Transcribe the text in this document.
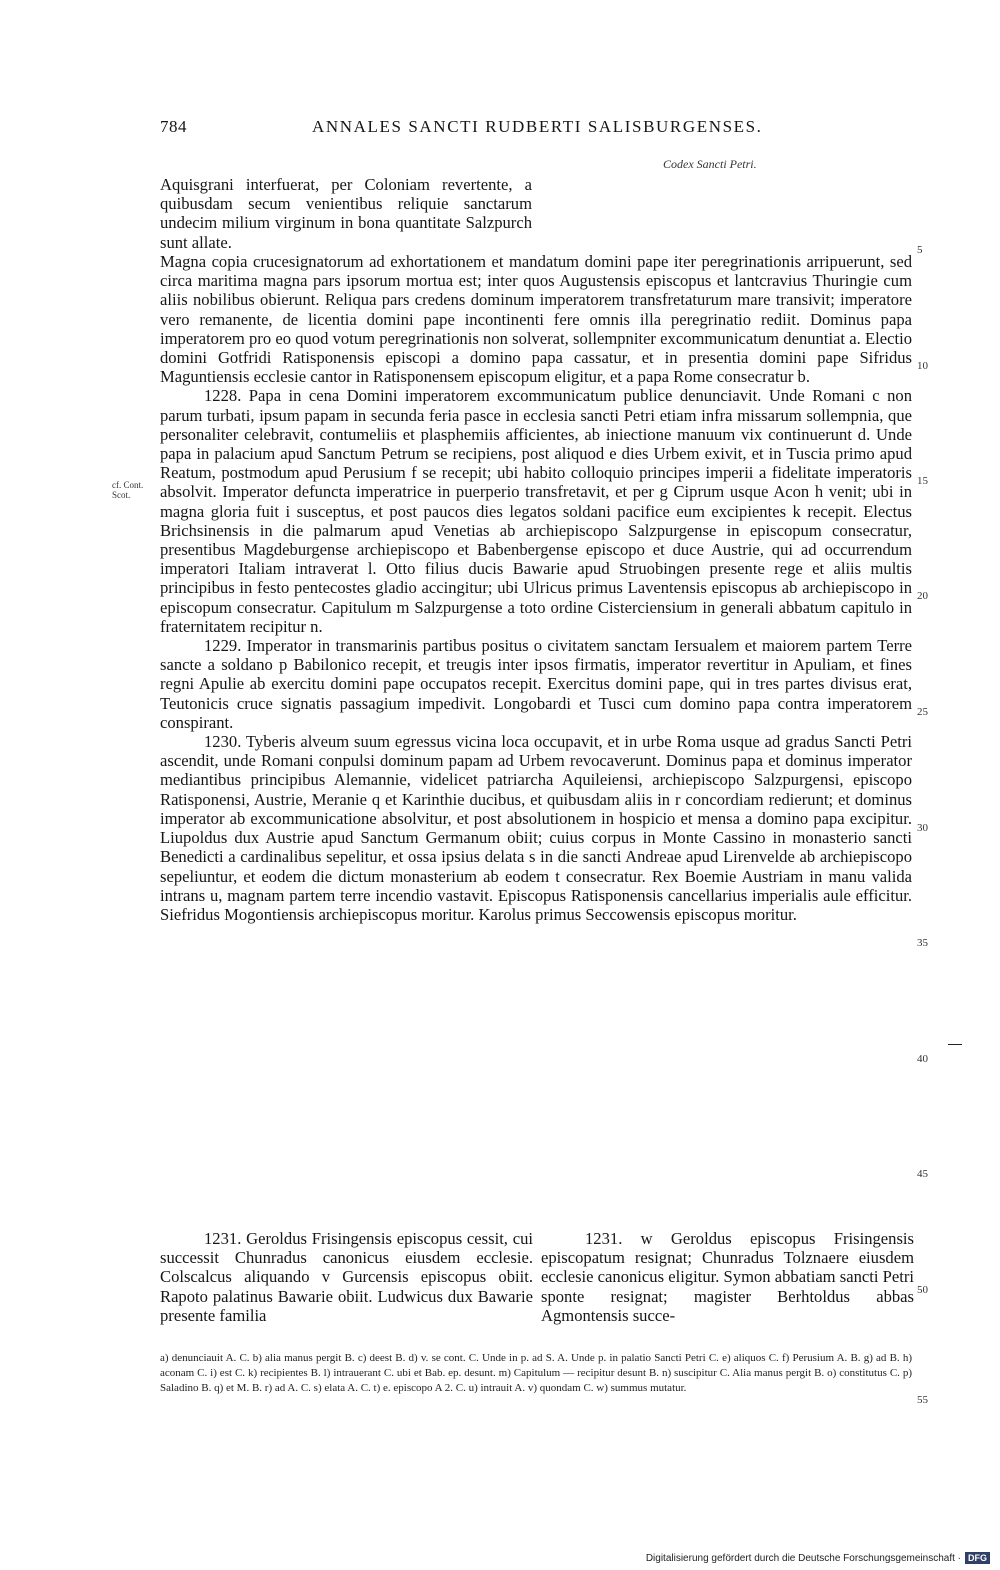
784	ANNALES SANCTI RUDBERTI SALISBURGENSES.
Codex Sancti Petri.
Aquisgrani interfuerat, per Coloniam revertente, a quibusdam secum venientibus reliquie sanctarum undecim milium virginum in bona quantitate Salzpurch sunt allate.

Magna copia crucesignatorum ad exhortationem et mandatum domini pape iter peregrinationis arripuerunt, sed circa maritima magna pars ipsorum mortua est; inter quos Augustensis episcopus et lantcravius Thuringie cum aliis nobilibus obierunt. Reliqua pars credens dominum imperatorem transfretaturum mare transivit; imperatore vero remanente, de licentia domini pape incontinenti fere omnis illa peregrinatio rediit. Dominus papa imperatorem pro eo quod votum peregrinationis non solverat, sollempniter excommunicatum denuntiat a. Electio domini Gotfridi Ratisponensis episcopi a domino papa cassatur, et in presentia domini pape Sifridus Maguntiensis ecclesie cantor in Ratisponensem episcopum eligitur, et a papa Rome consecratur b.

1228. Papa in cena Domini imperatorem excommunicatum publice denunciavit. Unde Romani c non parum turbati, ipsum papam in secunda feria pasce in ecclesia sancti Petri etiam infra missarum sollempnia, que personaliter celebravit, contumeliis et plasphemiis afficientes, ab iniectione manuum vix continuerunt d. Unde papa in palacium apud Sanctum Petrum se recipiens, post aliquod e dies Urbem exivit, et in Tuscia primo apud Reatum, postmodum apud Perusium f se recepit; ubi habito colloquio principes imperii a fidelitate imperatoris absolvit. Imperator defuncta imperatrice in puerperio transfretavit, et per g Ciprum usque Acon h venit; ubi in magna gloria fuit i susceptus, et post paucos dies legatos soldani pacifice eum excipientes k recepit. Electus Brichsinensis in die palmarum apud Venetias ab archiepiscopo Salzpurgense in episcopum consecratur, presentibus Magdeburgense archiepiscopo et Babenbergense episcopo et duce Austrie, qui ad occurrendum imperatori Italiam intraverat l. Otto filius ducis Bawarie apud Struobingen presente rege et aliis multis principibus in festo pentecostes gladio accingitur; ubi Ulricus primus Laventensis episcopus ab archiepiscopo in episcopum consecratur. Capitulum m Salzpurgense a toto ordine Cisterciensium in generali abbatum capitulo in fraternitatem recipitur n.

1229. Imperator in transmarinis partibus positus o civitatem sanctam Iersualem et maiorem partem Terre sancte a soldano p Babilonico recepit, et treugis inter ipsos firmatis, imperator revertitur in Apuliam, et fines regni Apulie ab exercitu domini pape occupatos recepit. Exercitus domini pape, qui in tres partes divisus erat, Teutonicis cruce signatis passagium impedivit. Longobardi et Tusci cum domino papa contra imperatorem conspirant.

1230. Tyberis alveum suum egressus vicina loca occupavit, et in urbe Roma usque ad gradus Sancti Petri ascendit, unde Romani conpulsi dominum papam ad Urbem revocaverunt. Dominus papa et dominus imperator mediantibus principibus Alemannie, videlicet patriarcha Aquileiensi, archiepiscopo Salzpurgensi, episcopo Ratisponensi, Austrie, Meranie q et Karinthie ducibus, et quibusdam aliis in r concordiam redierunt; et dominus imperator ab excommunicatione absolvitur, et post absolutionem in hospicio et mensa a domino papa excipitur. Liupoldus dux Austrie apud Sanctum Germanum obiit; cuius corpus in Monte Cassino in monasterio sancti Benedicti a cardinalibus sepelitur, et ossa ipsius delata s in die sancti Andreae apud Lirenvelde ab archiepiscopo sepeliuntur, et eodem die dictum monasterium ab eodem t consecratur. Rex Boemie Austriam in manu valida intrans u, magnam partem terre incendio vastavit. Episcopus Ratisponensis cancellarius imperialis aule efficitur. Siefridus Mogontiensis archiepiscopus moritur. Karolus primus Seccowensis episcopus moritur.

cf. Cont. Scot.
5
10
15
20
25
30
35
40
45
50
55

1231. Geroldus Frisingensis episcopus cessit, cui successit Chunradus canonicus eiusdem ecclesie. Colscalcus aliquando v Gurcensis episcopus obiit. Rapoto palatinus Bawarie obiit. Ludwicus dux Bawarie presente familia

1231. w Geroldus episcopus Frisingensis episcopatum resignat; Chunradus Tolznaere eiusdem ecclesie canonicus eligitur. Symon abbatiam sancti Petri sponte resignat; magister Berhtoldus abbas Agmontensis succe-

a) denunciauit A. C. b) alia manus pergit B. c) deest B. d) v. se cont. C. Unde in p. ad S. A. Unde p. in palatio Sancti Petri C. e) aliquos C. f) Perusium A. B. g) ad B. h) aconam C. i) est C. k) recipientes B. l) intrauerant C. ubi et Bab. ep. desunt. m) Capitulum — recipitur desunt B. n) suscipitur C. Alia manus pergit B. o) constitutus C. p) Saladino B. q) et M. B. r) ad A. C. s) elata A. C. t) e. episcopo A 2. C. u) intrauit A. v) quondam C. w) summus mutatur.
Digitalisierung gefördert durch die Deutsche Forschungsgemeinschaft · DFG
